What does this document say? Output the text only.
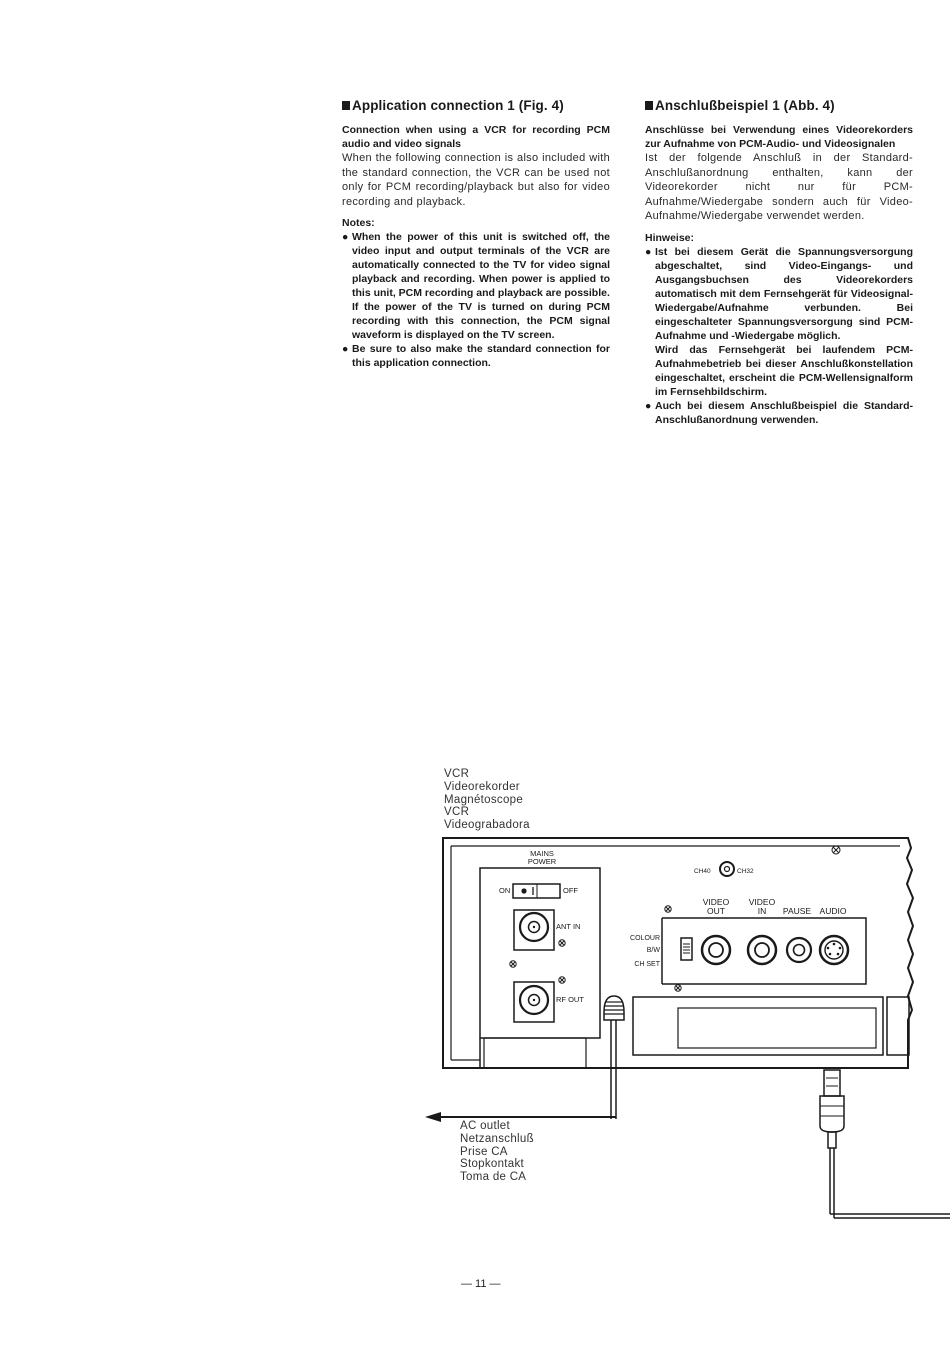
Application connection 1 (Fig. 4)

Connection when using a VCR for recording PCM audio and video signals

When the following connection is also included with the standard connection, the VCR can be used not only for PCM recording/playback but also for video recording and playback.

Notes:

● When the power of this unit is switched off, the video input and output terminals of the VCR are automatically connected to the TV for video signal playback and recording. When power is applied to this unit, PCM recording and playback are possible.

If the power of the TV is turned on during PCM recording with this connection, the PCM signal waveform is displayed on the TV screen.

● Be sure to also make the standard connection for this application connection.

Anschlußbeispiel 1 (Abb. 4)

Anschlüsse bei Verwendung eines Videorekorders zur Aufnahme von PCM-Audio- und Videosignalen

Ist der folgende Anschluß in der Standard-Anschlußanordnung enthalten, kann der Videorekorder nicht nur für PCM-Aufnahme/Wiedergabe sondern auch für Video-Aufnahme/Wiedergabe verwendet werden.

Hinweise:

● Ist bei diesem Gerät die Spannungsversorgung abgeschaltet, sind Video-Eingangs- und Ausgangsbuchsen des Videorekorders automatisch mit dem Fernsehgerät für Videosignal-Wiedergabe/Aufnahme verbunden. Bei eingeschalteter Spannungsversorgung sind PCM-Aufnahme und -Wiedergabe möglich.

Wird das Fernsehgerät bei laufendem PCM-Aufnahmebetrieb bei dieser Anschlußkonstellation eingeschaltet, erscheint die PCM-Wellensignalform im Fernsehbildschirm.

● Auch bei diesem Anschlußbeispiel die Standard-Anschlußanordnung verwenden.

VCR
Videorekorder
Magnétoscope
VCR
Videograbadora
MAINS
POWER
ON	OFF
ANT IN
RF OUT
CH40	CH32
VIDEO
OUT
VIDEO
IN PAUSE AUDIO
COLOUR
B/W
CH SET
AC outlet
Netzanschluß
Prise CA
Stopkontakt
Toma de CA
— 11 —
